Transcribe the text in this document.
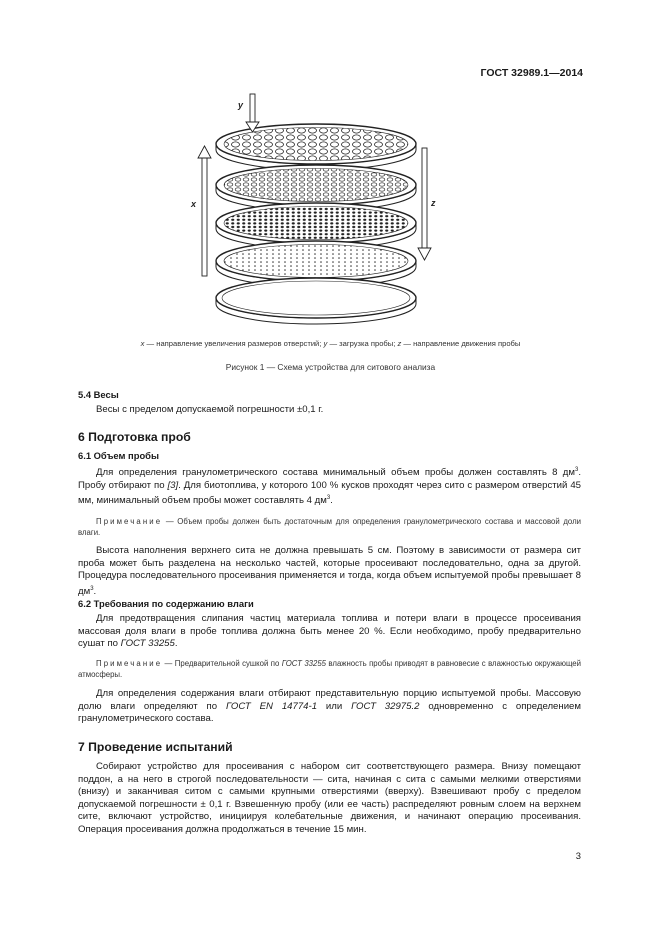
ГОСТ 32989.1—2014
y
x	z
x — направление увеличения размеров отверстий; y — загрузка пробы; z — направление движения пробы
Рисунок 1 — Схема устройства для ситового анализа
5.4 Весы
Весы с пределом допускаемой погрешности ±0,1 г.
6 Подготовка проб
6.1 Объем пробы
Для определения гранулометрического состава минимальный объем пробы должен составлять 8 $дм^3$. Пробу отбирают по [3]. Для биотоплива, у которого 100 % кусков проходят через сито с размером отверстий 45 мм, минимальный объем пробы может составлять 4 $дм^3$.
Примечание — Объем пробы должен быть достаточным для определения гранулометрического состава и массовой доли влаги.
Высота наполнения верхнего сита не должна превышать 5 см. Поэтому в зависимости от размера сит проба может быть разделена на несколько частей, которые просеивают последовательно, одна за другой. Процедура последовательного просеивания применяется и тогда, когда объем испытуемой пробы превышает 8 $дм^3$.
6.2 Требования по содержанию влаги
Для предотвращения слипания частиц материала топлива и потери влаги в процессе просеивания массовая доля влаги в пробе топлива должна быть менее 20 %. Если необходимо, пробу предварительно сушат по ГОСТ 33255.
Примечание — Предварительной сушкой по ГОСТ 33255 влажность пробы приводят в равновесие с влажностью окружающей атмосферы.
Для определения содержания влаги отбирают представительную порцию испытуемой пробы. Массовую долю влаги определяют по ГОСТ EN 14774-1 или ГОСТ 32975.2 одновременно с определением гранулометрического состава.
7 Проведение испытаний
Собирают устройство для просеивания с набором сит соответствующего размера. Внизу помещают поддон, а на него в строгой последовательности — сита, начиная с сита с самыми мелкими отверстиями (внизу) и заканчивая ситом с самыми крупными отверстиями (вверху). Взвешивают пробу с пределом допускаемой погрешности ± 0,1 г. Взвешенную пробу (или ее часть) распределяют ровным слоем на верхнем сите, включают устройство, инициируя колебательные движения, и начинают операцию просеивания. Операция просеивания должна продолжаться в течение 15 мин.
3
